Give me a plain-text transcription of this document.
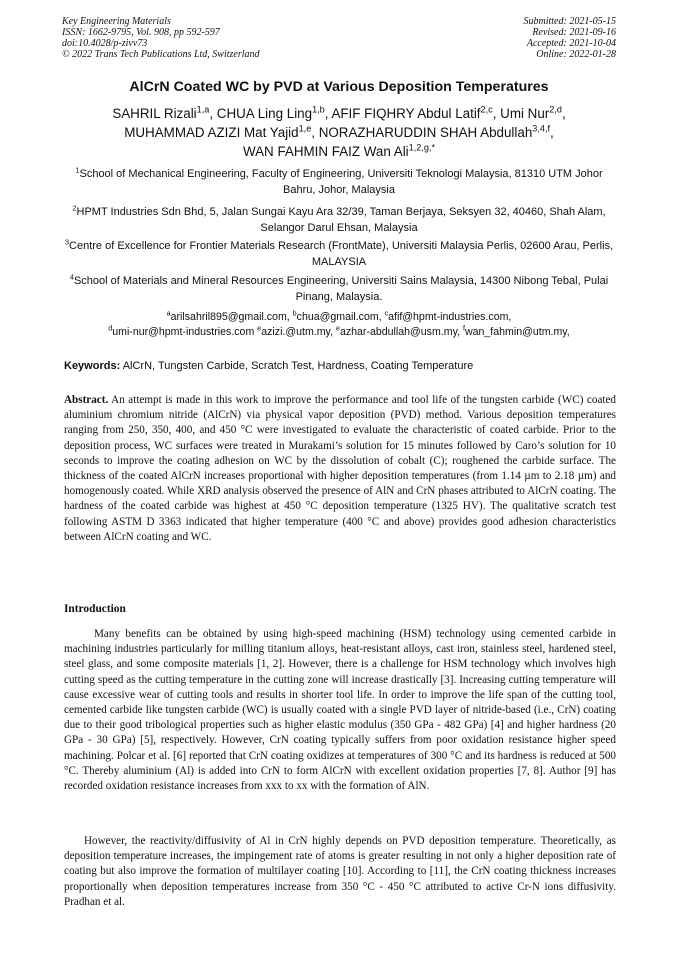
Key Engineering Materials
ISSN: 1662-9795, Vol. 908, pp 592-597
doi:10.4028/p-zivv73
© 2022 Trans Tech Publications Ltd, Switzerland
Submitted: 2021-05-15
Revised: 2021-09-16
Accepted: 2021-10-04
Online: 2022-01-28
AlCrN Coated WC by PVD at Various Deposition Temperatures
SAHRIL Rizali$^{1,a}$, CHUA Ling Ling$^{1,b}$, AFIF FIQHRY Abdul Latif$^{2,c}$, Umi Nur$^{2,d}$,
MUHAMMAD AZIZI Mat Yajid$^{1,e}$, NORAZHARUDDIN SHAH Abdullah$^{3,4,f}$,
WAN FAHMIN FAIZ Wan Ali$^{1,2,g,*}$
$^1$School of Mechanical Engineering, Faculty of Engineering, Universiti Teknologi Malaysia, 81310 UTM Johor Bahru, Johor, Malaysia
$^2$HPMT Industries Sdn Bhd, 5, Jalan Sungai Kayu Ara 32/39, Taman Berjaya, Seksyen 32, 40460, Shah Alam, Selangor Darul Ehsan, Malaysia
$^3$Centre of Excellence for Frontier Materials Research (FrontMate), Universiti Malaysia Perlis, 02600 Arau, Perlis, MALAYSIA
$^4$School of Materials and Mineral Resources Engineering, Universiti Sains Malaysia, 14300 Nibong Tebal, Pulai Pinang, Malaysia.
$^a$arilsahril895@gmail.com, $^b$chua@gmail.com, $^c$afif@hpmt-industries.com,
$^d$umi-nur@hpmt-industries.com $^e$azizi.@utm.my, $^e$azhar-abdullah@usm.my, $^f$wan_fahmin@utm.my,
Keywords: AlCrN, Tungsten Carbide, Scratch Test, Hardness, Coating Temperature
Abstract. An attempt is made in this work to improve the performance and tool life of the tungsten carbide (WC) coated aluminium chromium nitride (AlCrN) via physical vapor deposition (PVD) method. Various deposition temperatures ranging from 250, 350, 400, and 450 °C were investigated to evaluate the characteristic of coated carbide. Prior to the deposition process, WC surfaces were treated in Murakami’s solution for 15 minutes followed by Caro’s solution for 10 seconds to improve the coating adhesion on WC by the dissolution of cobalt (C); roughened the carbide surface. The thickness of the coated AlCrN increases proportional with higher deposition temperatures (from 1.14 µm to 2.18 µm) and homogenously coated. While XRD analysis observed the presence of AlN and CrN phases attributed to AlCrN coating. The hardness of the coated carbide was highest at 450 °C deposition temperature (1325 HV). The qualitative scratch test following ASTM D 3363 indicated that higher temperature (400 °C and above) provides good adhesion characteristics between AlCrN coating and WC.
Introduction
Many benefits can be obtained by using high-speed machining (HSM) technology using cemented carbide in machining industries particularly for milling titanium alloys, heat-resistant alloys, cast iron, stainless steel, hardened steel, steel glass, and some composite materials [1, 2]. However, there is a challenge for HSM technology which involves high cutting speed as the cutting temperature in the cutting zone will increase drastically [3]. Increasing cutting temperature will cause excessive wear of cutting tools and results in shorter tool life. In order to improve the life span of the cutting tool, cemented carbide like tungsten carbide (WC) is usually coated with a single PVD layer of nitride-based (i.e., CrN) coating due to their good tribological properties such as higher elastic modulus (350 GPa - 482 GPa) [4] and higher hardness (20 GPa - 30 GPa) [5], respectively. However, CrN coating typically suffers from poor oxidation resistance higher speed machining. Polcar et al. [6] reported that CrN coating oxidizes at temperatures of 300 °C and its hardness is reduced at 500 °C. Thereby aluminium (Al) is added into CrN to form AlCrN with excellent oxidation properties [7, 8]. Author [9] has recorded oxidation resistance increases from xxx to xx with the formation of AlN.
However, the reactivity/diffusivity of Al in CrN highly depends on PVD deposition temperature. Theoretically, as deposition temperature increases, the impingement rate of atoms is greater resulting in not only a higher deposition rate of coating but also improve the formation of multilayer coating [10]. According to [11], the CrN coating thickness increases proportionally when deposition temperatures increase from 350 °C - 450 °C attributed to active Cr-N ions diffusivity. Pradhan et al.
